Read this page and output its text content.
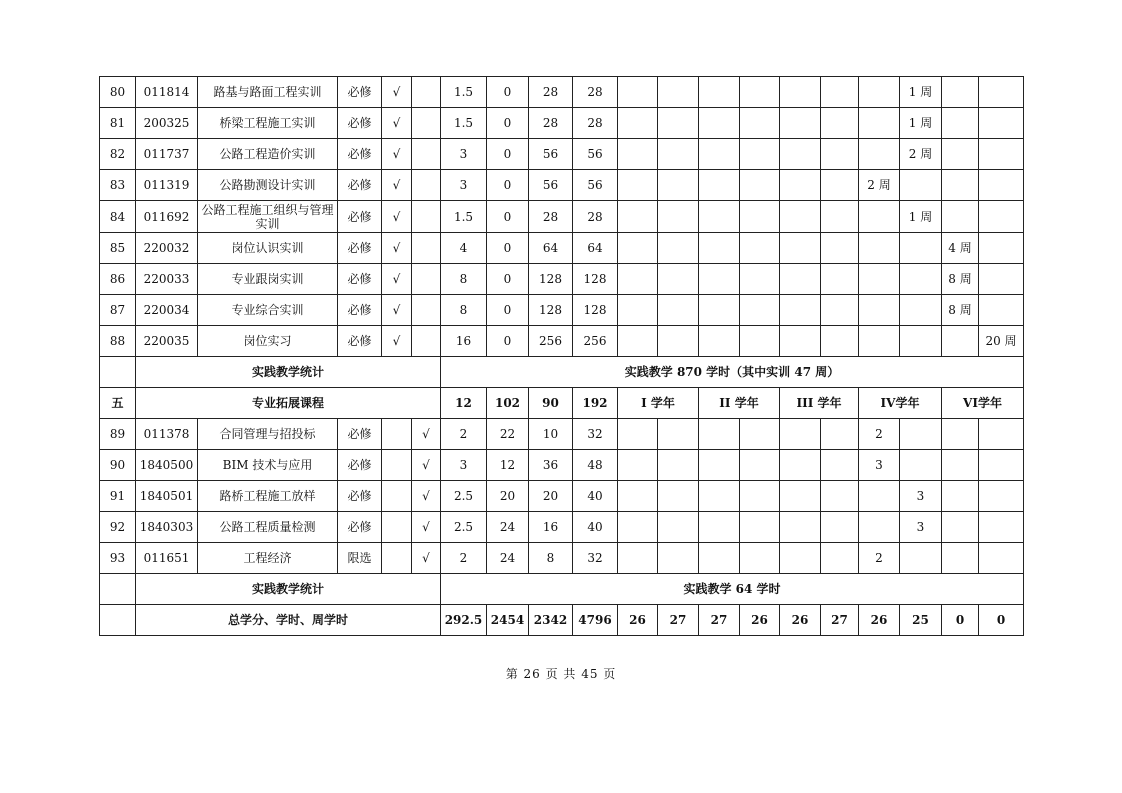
80	011814	路基与路面工程实训	必修	√		1.5	0	28	28								1 周		
81	200325	桥梁工程施工实训	必修	√		1.5	0	28	28								1 周		
82	011737	公路工程造价实训	必修	√		3	0	56	56								2 周		
83	011319	公路勘测设计实训	必修	√		3	0	56	56							2 周			
84	011692	公路工程施工组织与管理实训	必修	√		1.5	0	28	28								1 周		
85	220032	岗位认识实训	必修	√		4	0	64	64									4 周	
86	220033	专业跟岗实训	必修	√		8	0	128	128									8 周	
87	220034	专业综合实训	必修	√		8	0	128	128									8 周	
88	220035	岗位实习	必修	√		16	0	256	256										20 周
	实践教学统计					实践教学 870 学时（其中实训 47 周）													
五	专业拓展课程					12	102	90	192	I 学年		II 学年		III 学年		IV学年		VI学年	
89	011378	合同管理与招投标	必修		√	2	22	10	32							2			
90	1840500	BIM 技术与应用	必修		√	3	12	36	48							3			
91	1840501	路桥工程施工放样	必修		√	2.5	20	20	40								3		
92	1840303	公路工程质量检测	必修		√	2.5	24	16	40								3		
93	011651	工程经济	限选		√	2	24	8	32							2			
	实践教学统计					实践教学 64 学时													
	总学分、学时、周学时					292.5	2454	2342	4796	26	27	27	26	26	27	26	25	0	0
第 26 页 共 45 页
